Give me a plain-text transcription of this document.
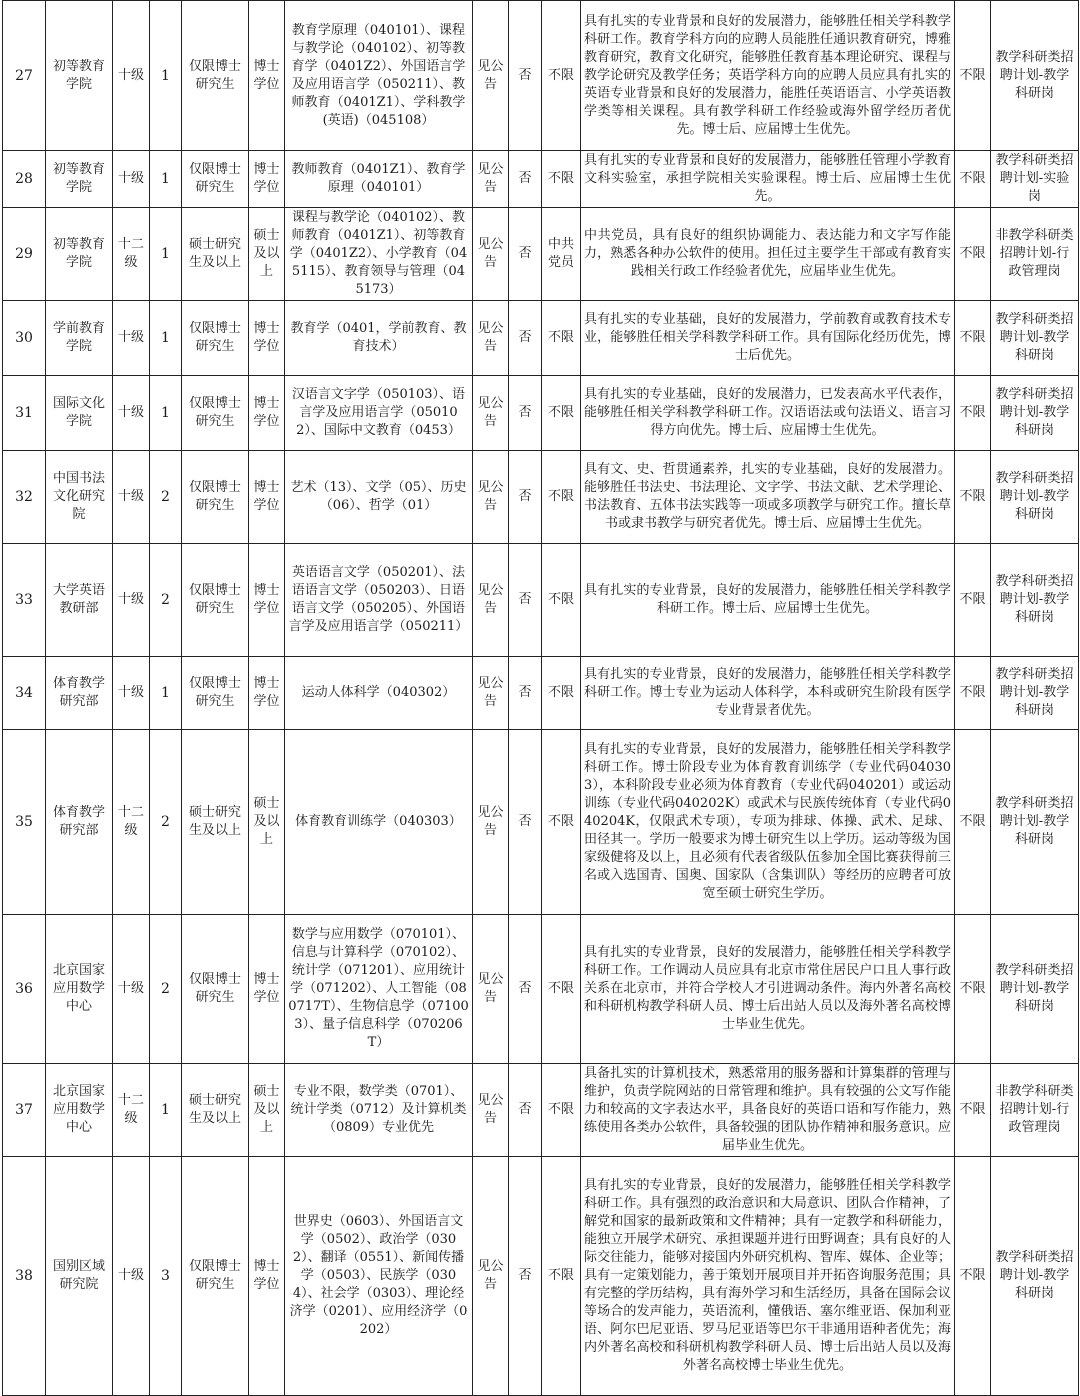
27	初等教育学院	十级	1	仅限博士研究生	博士学位	教育学原理（040101）、课程与教学论（040102）、初等教育学（0401Z2）、外国语言学及应用语言学（050211）、教师教育（0401Z1）、学科教学(英语)（045108）	见公告	否	不限	具有扎实的专业背景和良好的发展潜力，能够胜任相关学科教学科研工作。教育学科方向的应聘人员能胜任通识教育研究，博雅教育研究，教育文化研究，能够胜任教育基本理论研究、课程与教学论研究及教学任务；英语学科方向的应聘人员应具有扎实的英语专业背景和良好的发展潜力，能胜任英语语言、小学英语教学类等相关课程。具有教学科研工作经验或海外留学经历者优先。博士后、应届博士生优先。	不限	教学科研类招聘计划-教学科研岗
28	初等教育学院	十级	1	仅限博士研究生	博士学位	教师教育（0401Z1）、教育学原理（040101）	见公告	否	不限	具有扎实的专业背景和良好的发展潜力，能够胜任管理小学教育文科实验室，承担学院相关实验课程。博士后、应届博士生优先。	不限	教学科研类招聘计划-实验岗
29	初等教育学院	十二级	1	硕士研究生及以上	硕士及以上	课程与教学论（040102）、教师教育（0401Z1）、初等教育学（0401Z2）、小学教育（045115）、教育领导与管理（045173）	见公告	否	中共党员	中共党员，具有良好的组织协调能力、表达能力和文字写作能力，熟悉各种办公软件的使用。担任过主要学生干部或有教育实践相关行政工作经验者优先，应届毕业生优先。	不限	非教学科研类招聘计划-行政管理岗
30	学前教育学院	十级	1	仅限博士研究生	博士学位	教育学（0401，学前教育、教育技术）	见公告	否	不限	具有扎实的专业基础，良好的发展潜力，学前教育或教育技术专业，能够胜任相关学科教学科研工作。具有国际化经历优先，博士后优先。	不限	教学科研类招聘计划-教学科研岗
31	国际文化学院	十级	1	仅限博士研究生	博士学位	汉语言文字学（050103）、语言学及应用语言学（050102）、国际中文教育（0453）	见公告	否	不限	具有扎实的专业基础，良好的发展潜力，已发表高水平代表作，能够胜任相关学科教学科研工作。汉语语法或句法语义、语言习得方向优先。博士后、应届博士生优先。	不限	教学科研类招聘计划-教学科研岗
32	中国书法文化研究院	十级	2	仅限博士研究生	博士学位	艺术（13）、文学（05）、历史（06）、哲学（01）	见公告	否	不限	具有文、史、哲贯通素养，扎实的专业基础，良好的发展潜力。能够胜任书法史、书法理论、文字学、书法文献、艺术学理论、书法教育、五体书法实践等一项或多项教学与研究工作。擅长草书或隶书教学与研究者优先。博士后、应届博士生优先。	不限	教学科研类招聘计划-教学科研岗
33	大学英语教研部	十级	2	仅限博士研究生	博士学位	英语语言文学（050201）、法语语言文学（050203）、日语语言文学（050205）、外国语言学及应用语言学（050211）	见公告	否	不限	具有扎实的专业背景，良好的发展潜力，能够胜任相关学科教学科研工作。博士后、应届博士生优先。	不限	教学科研类招聘计划-教学科研岗
34	体育教学研究部	十级	1	仅限博士研究生	博士学位	运动人体科学（040302）	见公告	否	不限	具有扎实的专业背景，良好的发展潜力，能够胜任相关学科教学科研工作。博士专业为运动人体科学，本科或研究生阶段有医学专业背景者优先。	不限	教学科研类招聘计划-教学科研岗
35	体育教学研究部	十二级	2	硕士研究生及以上	硕士及以上	体育教育训练学（040303）	见公告	否	不限	具有扎实的专业背景，良好的发展潜力，能够胜任相关学科教学科研工作。博士阶段专业为体育教育训练学（专业代码040303），本科阶段专业必须为体育教育（专业代码040201）或运动训练（专业代码040202K）或武术与民族传统体育（专业代码040204K，仅限武术专项），专项为排球、体操、武术、足球、田径其一。学历一般要求为博士研究生以上学历。运动等级为国家级健将及以上，且必须有代表省级队伍参加全国比赛获得前三名或入选国青、国奥、国家队（含集训队）等经历的应聘者可放宽至硕士研究生学历。	不限	教学科研类招聘计划-教学科研岗
36	北京国家应用数学中心	十级	2	仅限博士研究生	博士学位	数学与应用数学（070101）、信息与计算科学（070102）、统计学（071201）、应用统计学（071202）、人工智能（080717T）、生物信息学（071003）、量子信息科学（070206T）	见公告	否	不限	具有扎实的专业背景，良好的发展潜力，能够胜任相关学科教学科研工作。工作调动人员应具有北京市常住居民户口且人事行政关系在北京市，并符合学校人才引进调动条件。海内外著名高校和科研机构教学科研人员、博士后出站人员以及海外著名高校博士毕业生优先。	不限	教学科研类招聘计划-教学科研岗
37	北京国家应用数学中心	十二级	1	硕士研究生及以上	硕士及以上	专业不限，数学类（0701）、统计学类（0712）及计算机类（0809）专业优先	见公告	否	不限	具备扎实的计算机技术，熟悉常用的服务器和计算集群的管理与维护，负责学院网站的日常管理和维护。具有较强的公文写作能力和较高的文字表达水平，具备良好的英语口语和写作能力，熟练使用各类办公软件，具备较强的团队协作精神和服务意识。应届毕业生优先。	不限	非教学科研类招聘计划-行政管理岗
38	国别区域研究院	十级	3	仅限博士研究生	博士学位	世界史（0603）、外国语言文学（0502）、政治学（0302）、翻译（0551）、新闻传播学（0503）、民族学（0304）、社会学（0303）、理论经济学（0201）、应用经济学（0202）	见公告	否	不限	具有扎实的专业背景，良好的发展潜力，能够胜任相关学科教学科研工作。具有强烈的政治意识和大局意识、团队合作精神，了解党和国家的最新政策和文件精神；具有一定教学和科研能力，能独立开展学术研究、承担课题并进行田野调查；具有良好的人际交往能力，能够对接国内外研究机构、智库、媒体、企业等；具有一定策划能力，善于策划开展项目并开拓咨询服务范围；具有完整的学历结构，具有海外学习和生活经历，具备在国际会议等场合的发声能力，英语流利，懂俄语、塞尔维亚语、保加利亚语、阿尔巴尼亚语、罗马尼亚语等巴尔干非通用语种者优先；海内外著名高校和科研机构教学科研人员、博士后出站人员以及海外著名高校博士毕业生优先。	不限	教学科研类招聘计划-教学科研岗
